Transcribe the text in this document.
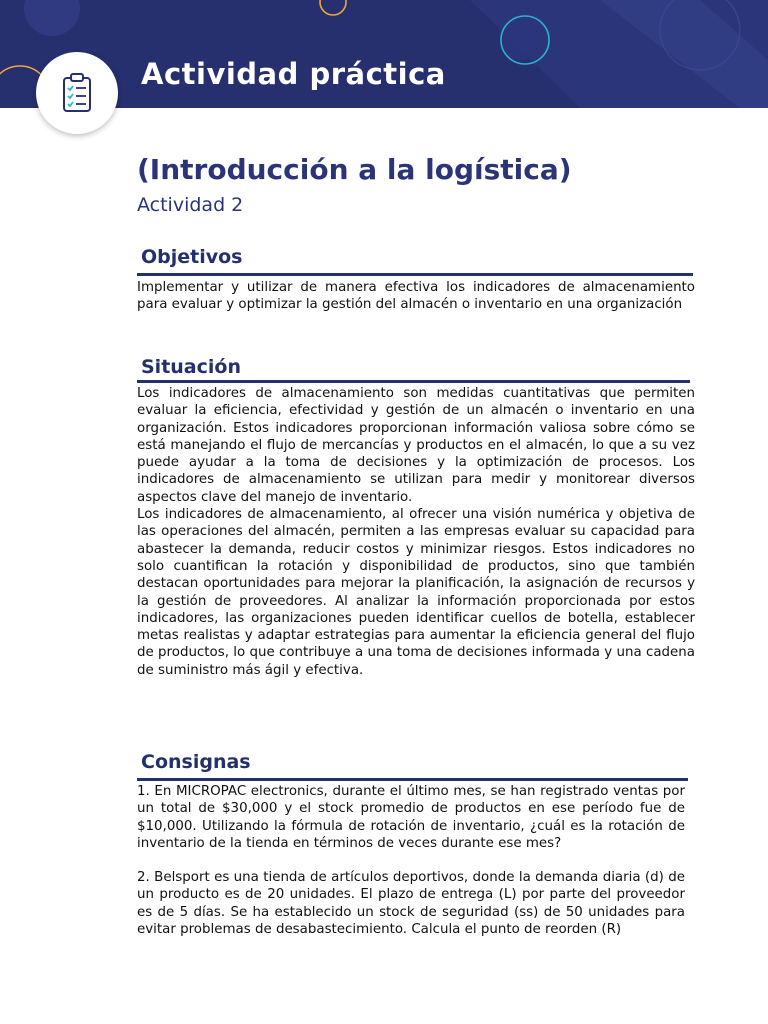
Actividad práctica
(Introducción a la logística)
Actividad 2
Objetivos

Implementar y utilizar de manera efectiva los indicadores de almacenamiento para evaluar y optimizar la gestión del almacén o inventario en una organización

Situación

Los indicadores de almacenamiento son medidas cuantitativas que permiten evaluar la eficiencia, efectividad y gestión de un almacén o inventario en una organización. Estos indicadores proporcionan información valiosa sobre cómo se está manejando el flujo de mercancías y productos en el almacén, lo que a su vez puede ayudar a la toma de decisiones y la optimización de procesos. Los indicadores de almacenamiento se utilizan para medir y monitorear diversos aspectos clave del manejo de inventario.

Los indicadores de almacenamiento, al ofrecer una visión numérica y objetiva de las operaciones del almacén, permiten a las empresas evaluar su capacidad para abastecer la demanda, reducir costos y minimizar riesgos. Estos indicadores no solo cuantifican la rotación y disponibilidad de productos, sino que también destacan oportunidades para mejorar la planificación, la asignación de recursos y la gestión de proveedores. Al analizar la información proporcionada por estos indicadores, las organizaciones pueden identificar cuellos de botella, establecer metas realistas y adaptar estrategias para aumentar la eficiencia general del flujo de productos, lo que contribuye a una toma de decisiones informada y una cadena de suministro más ágil y efectiva.

Consignas

1. En MICROPAC electronics, durante el último mes, se han registrado ventas por un total de $30,000 y el stock promedio de productos en ese período fue de $10,000. Utilizando la fórmula de rotación de inventario, ¿cuál es la rotación de inventario de la tienda en términos de veces durante ese mes?

2. Belsport es una tienda de artículos deportivos, donde la demanda diaria (d) de un producto es de 20 unidades. El plazo de entrega (L) por parte del proveedor es de 5 días. Se ha establecido un stock de seguridad (ss) de 50 unidades para evitar problemas de desabastecimiento. Calcula el punto de reorden (R)
